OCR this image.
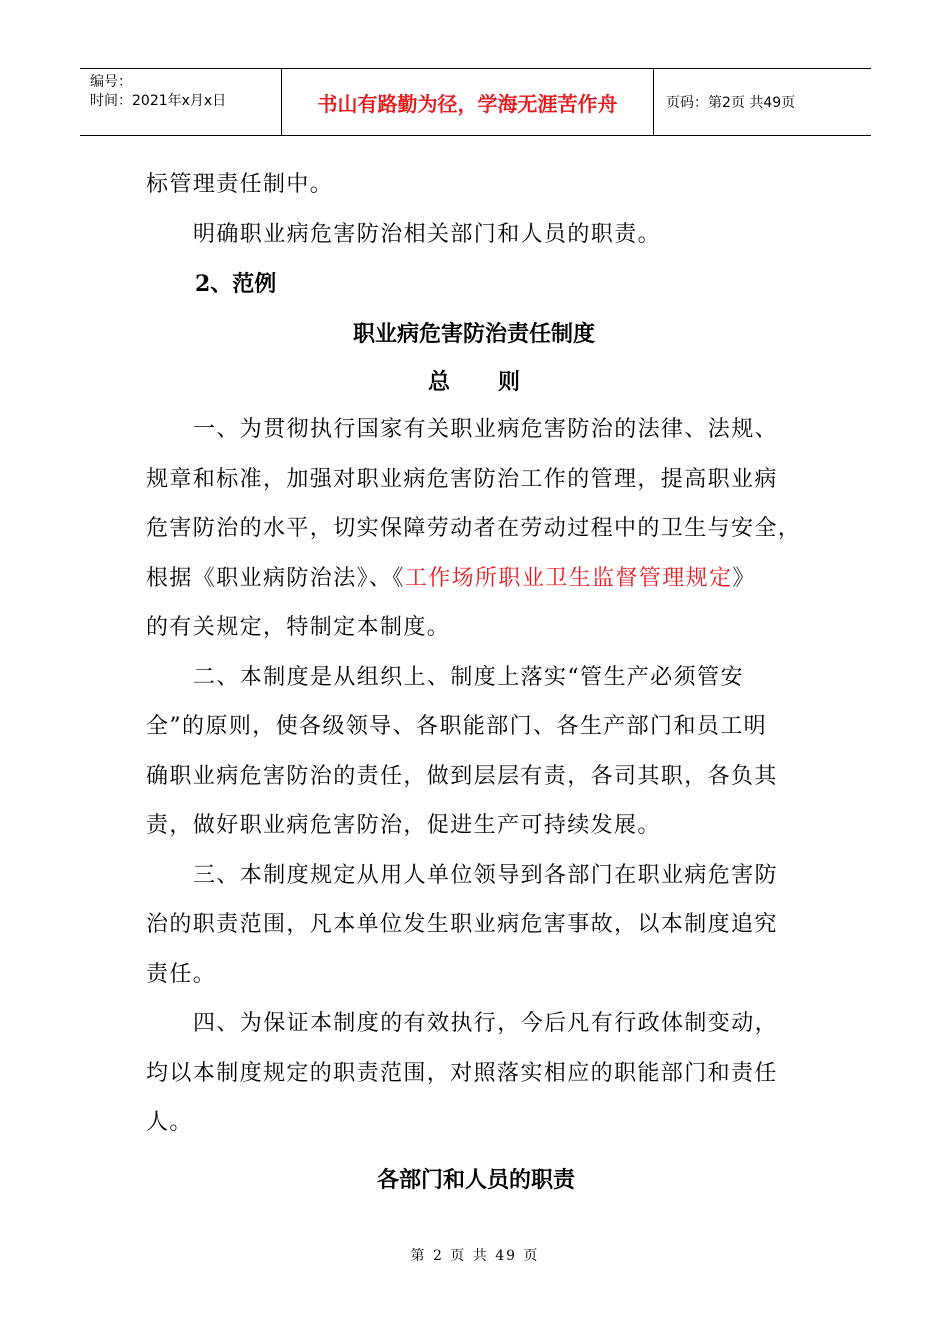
编号：
时间：2021年x月x日	书山有路勤为径，学海无涯苦作舟	页码：第2页 共49页

标管理责任制中。

明确职业病危害防治相关部门和人员的职责。

2、范例

职业病危害防治责任制度

总则

一、为贯彻执行国家有关职业病危害防治的法律、法规、

规章和标准，加强对职业病危害防治工作的管理，提高职业病

危害防治的水平，切实保障劳动者在劳动过程中的卫生与安全，

根据《职业病防治法》、《工作场所职业卫生监督管理规定》

的有关规定，特制定本制度。

二、本制度是从组织上、制度上落实“管生产必须管安

全”的原则，使各级领导、各职能部门、各生产部门和员工明

确职业病危害防治的责任，做到层层有责，各司其职，各负其

责，做好职业病危害防治，促进生产可持续发展。

三、本制度规定从用人单位领导到各部门在职业病危害防

治的职责范围，凡本单位发生职业病危害事故，以本制度追究

责任。

四、为保证本制度的有效执行，今后凡有行政体制变动，

均以本制度规定的职责范围，对照落实相应的职能部门和责任

人。

各部门和人员的职责

第 2 页 共 49 页
